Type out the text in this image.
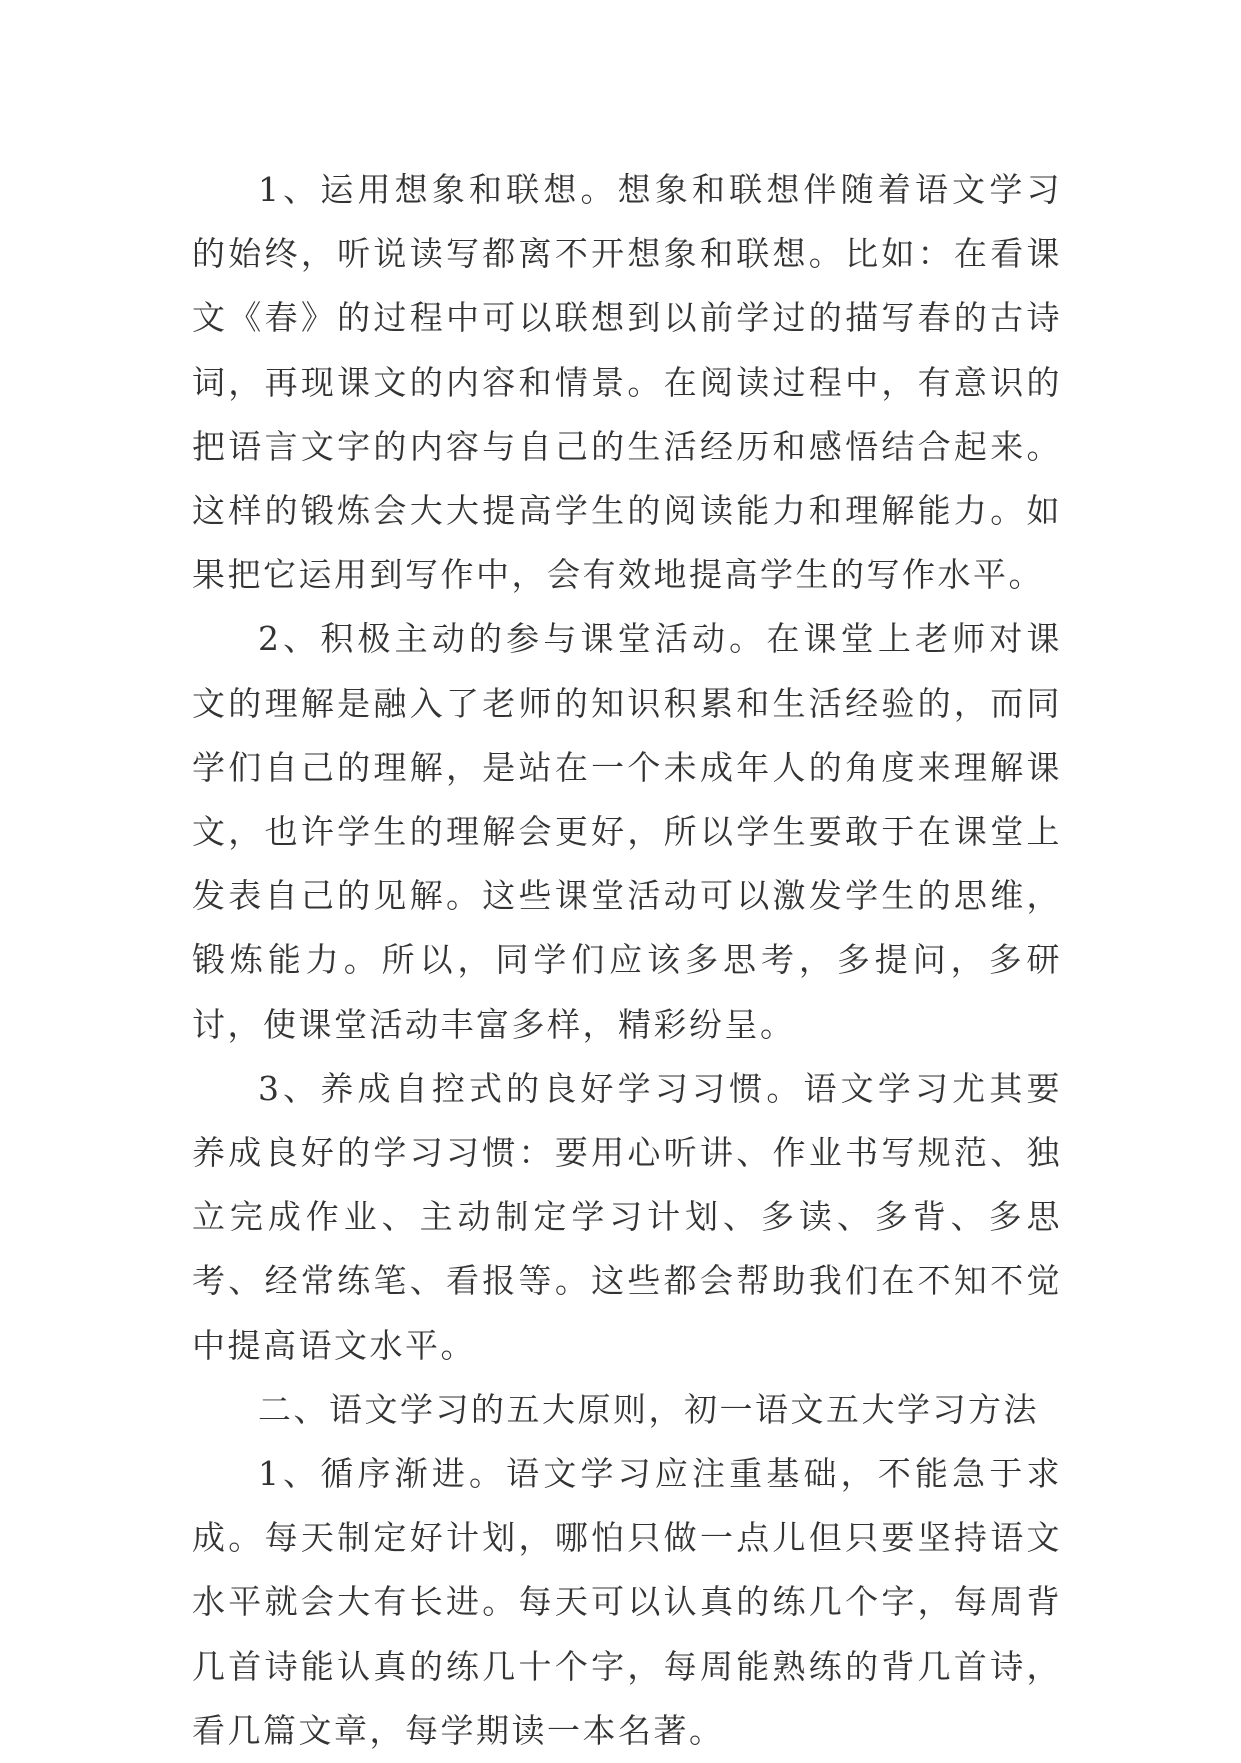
1、运用想象和联想。想象和联想伴随着语文学习的始终，听说读写都离不开想象和联想。比如：在看课文《春》的过程中可以联想到以前学过的描写春的古诗词，再现课文的内容和情景。在阅读过程中，有意识的把语言文字的内容与自己的生活经历和感悟结合起来。这样的锻炼会大大提高学生的阅读能力和理解能力。如果把它运用到写作中，会有效地提高学生的写作水平。

2、积极主动的参与课堂活动。在课堂上老师对课文的理解是融入了老师的知识积累和生活经验的，而同学们自己的理解，是站在一个未成年人的角度来理解课文，也许学生的理解会更好，所以学生要敢于在课堂上发表自己的见解。这些课堂活动可以激发学生的思维，锻炼能力。所以，同学们应该多思考，多提问，多研讨，使课堂活动丰富多样，精彩纷呈。

3、养成自控式的良好学习习惯。语文学习尤其要养成良好的学习习惯：要用心听讲、作业书写规范、独立完成作业、主动制定学习计划、多读、多背、多思考、经常练笔、看报等。这些都会帮助我们在不知不觉中提高语文水平。

二、语文学习的五大原则，初一语文五大学习方法

1、循序渐进。语文学习应注重基础，不能急于求成。每天制定好计划，哪怕只做一点儿但只要坚持语文水平就会大有长进。每天可以认真的练几个字，每周背几首诗能认真的练几十个字，每周能熟练的背几首诗，看几篇文章，每学期读一本名著。
